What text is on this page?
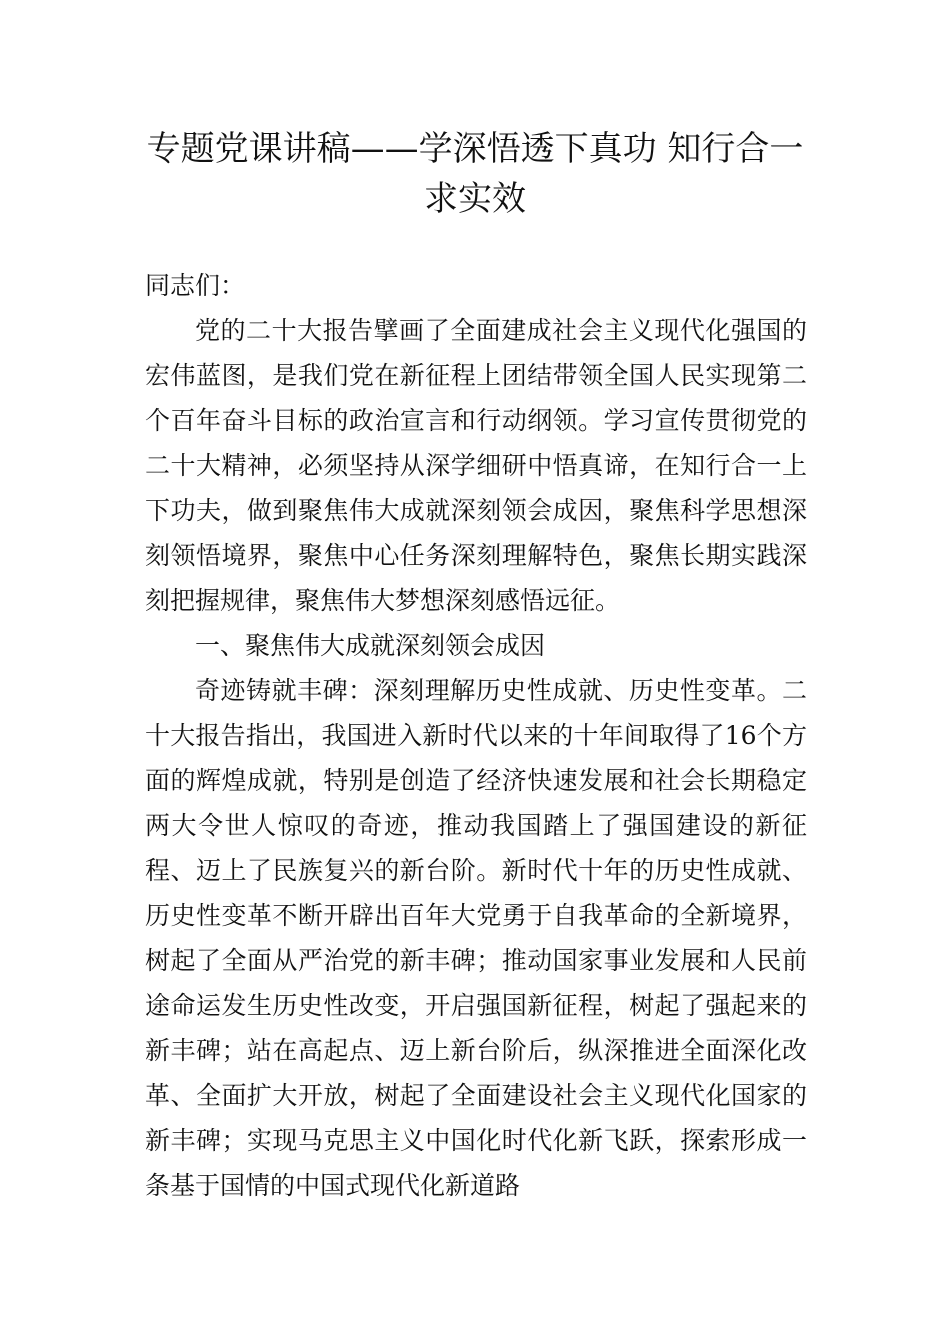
专题党课讲稿——学深悟透下真功 知行合一求实效

同志们：

党的二十大报告擘画了全面建成社会主义现代化强国的宏伟蓝图，是我们党在新征程上团结带领全国人民实现第二个百年奋斗目标的政治宣言和行动纲领。学习宣传贯彻党的二十大精神，必须坚持从深学细研中悟真谛，在知行合一上下功夫，做到聚焦伟大成就深刻领会成因，聚焦科学思想深刻领悟境界，聚焦中心任务深刻理解特色，聚焦长期实践深刻把握规律，聚焦伟大梦想深刻感悟远征。

一、聚焦伟大成就深刻领会成因

奇迹铸就丰碑：深刻理解历史性成就、历史性变革。二十大报告指出，我国进入新时代以来的十年间取得了16个方面的辉煌成就，特别是创造了经济快速发展和社会长期稳定两大令世人惊叹的奇迹，推动我国踏上了强国建设的新征程、迈上了民族复兴的新台阶。新时代十年的历史性成就、历史性变革不断开辟出百年大党勇于自我革命的全新境界，树起了全面从严治党的新丰碑；推动国家事业发展和人民前途命运发生历史性改变，开启强国新征程，树起了强起来的新丰碑；站在高起点、迈上新台阶后，纵深推进全面深化改革、全面扩大开放，树起了全面建设社会主义现代化国家的新丰碑；实现马克思主义中国化时代化新飞跃，探索形成一条基于国情的中国式现代化新道路
